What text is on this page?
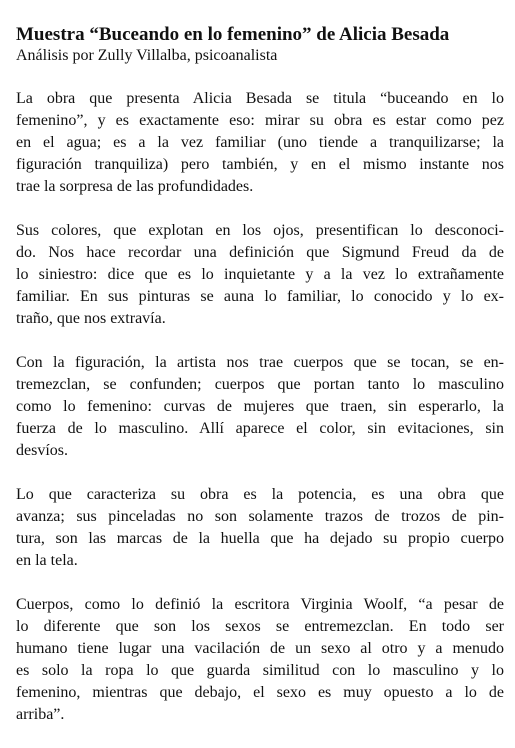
Muestra “Buceando en lo femenino” de Alicia Besada

Análisis por Zully Villalba, psicoanalista

La obra que presenta Alicia Besada se titula “buceando en lo
femenino”, y es exactamente eso: mirar su obra es estar como pez
en el agua; es a la vez familiar (uno tiende a tranquilizarse; la
figuración tranquiliza) pero también, y en el mismo instante nos
trae la sorpresa de las profundidades.
Sus colores, que explotan en los ojos, presentifican lo desconoci-
do. Nos hace recordar una definición que Sigmund Freud da de
lo siniestro: dice que es lo inquietante y a la vez lo extrañamente
familiar. En sus pinturas se auna lo familiar, lo conocido y lo ex-
traño, que nos extravía.
Con la figuración, la artista nos trae cuerpos que se tocan, se en-
tremezclan, se confunden; cuerpos que portan tanto lo masculino
como lo femenino: curvas de mujeres que traen, sin esperarlo, la
fuerza de lo masculino. Allí aparece el color, sin evitaciones, sin
desvíos.
Lo que caracteriza su obra es la potencia, es una obra que
avanza; sus pinceladas no son solamente trazos de trozos de pin-
tura, son las marcas de la huella que ha dejado su propio cuerpo
en la tela.
Cuerpos, como lo definió la escritora Virginia Woolf, “a pesar de
lo diferente que son los sexos se entremezclan. En todo ser
humano tiene lugar una vacilación de un sexo al otro y a menudo
es solo la ropa lo que guarda similitud con lo masculino y lo
femenino, mientras que debajo, el sexo es muy opuesto a lo de
arriba”.
